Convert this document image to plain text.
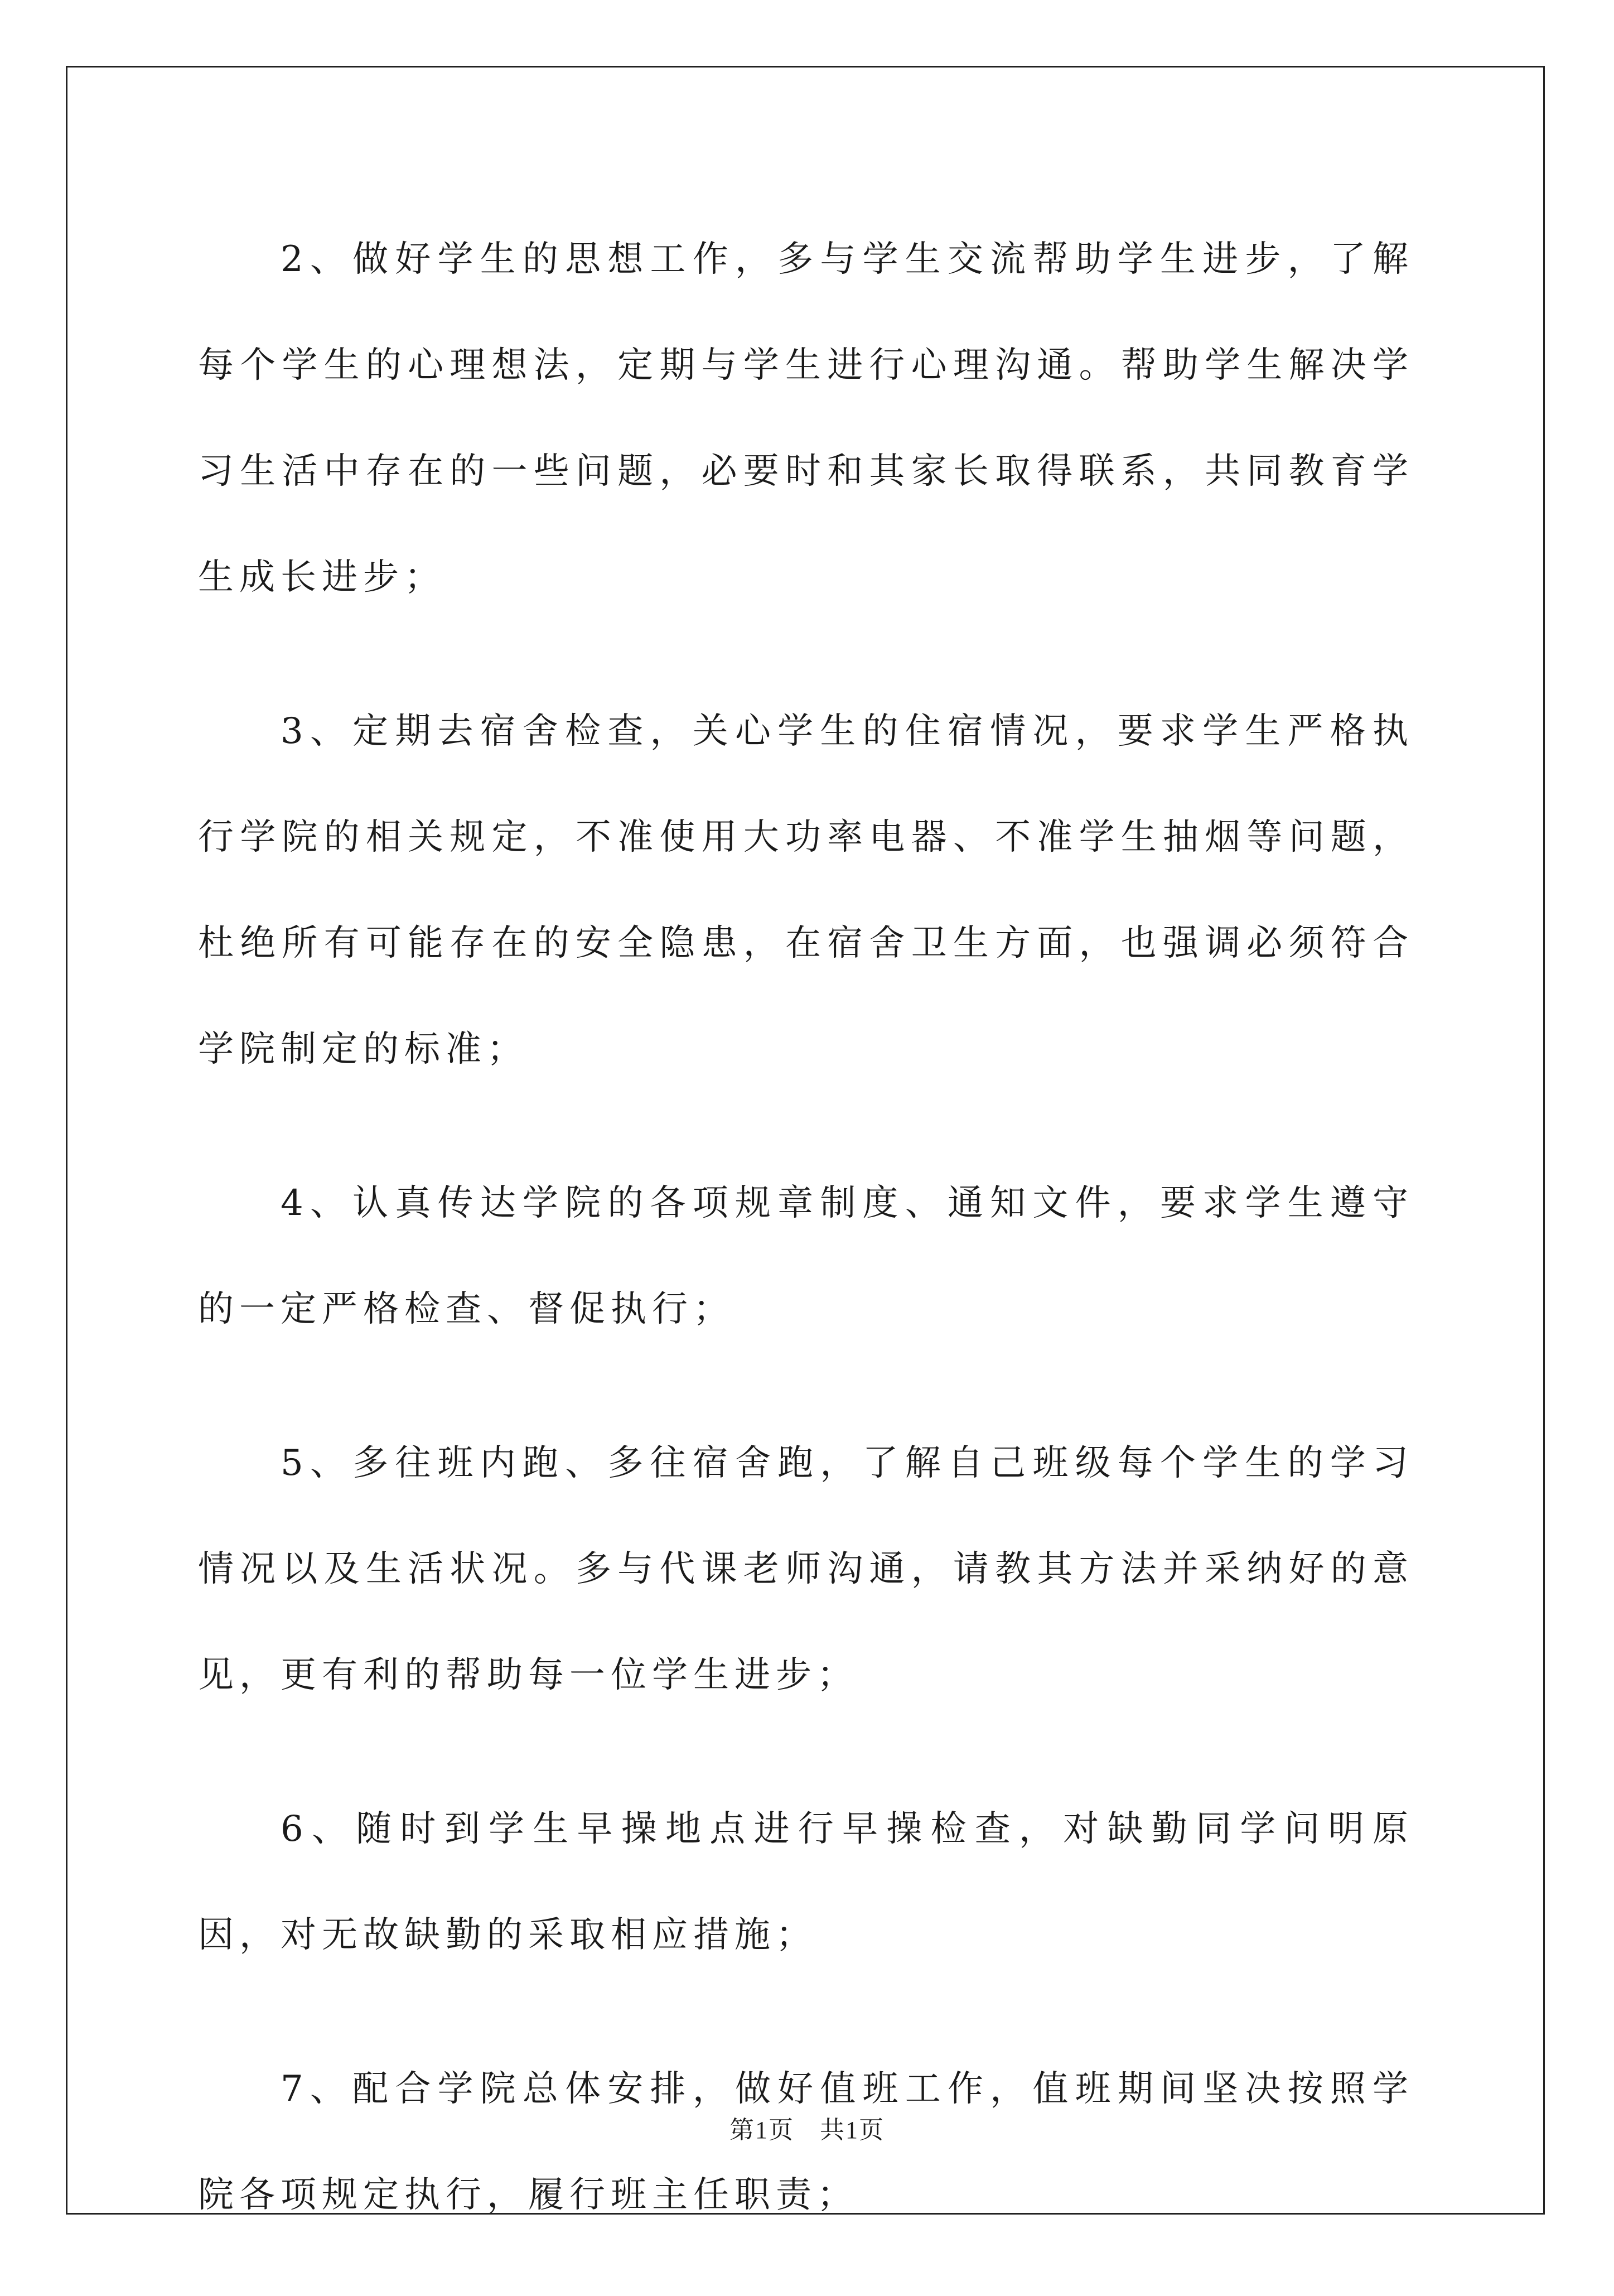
2、做好学生的思想工作，多与学生交流帮助学生进步，了解每个学生的心理想法，定期与学生进行心理沟通。帮助学生解决学习生活中存在的一些问题，必要时和其家长取得联系，共同教育学生成长进步；

3、定期去宿舍检查，关心学生的住宿情况，要求学生严格执行学院的相关规定，不准使用大功率电器、不准学生抽烟等问题，杜绝所有可能存在的安全隐患，在宿舍卫生方面，也强调必须符合学院制定的标准；

4、认真传达学院的各项规章制度、通知文件，要求学生遵守的一定严格检查、督促执行；

5、多往班内跑、多往宿舍跑，了解自己班级每个学生的学习情况以及生活状况。多与代课老师沟通，请教其方法并采纳好的意见，更有利的帮助每一位学生进步；

6、随时到学生早操地点进行早操检查，对缺勤同学问明原因，对无故缺勤的采取相应措施；

7、配合学院总体安排，做好值班工作，值班期间坚决按照学院各项规定执行，履行班主任职责；

第1页　共1页
